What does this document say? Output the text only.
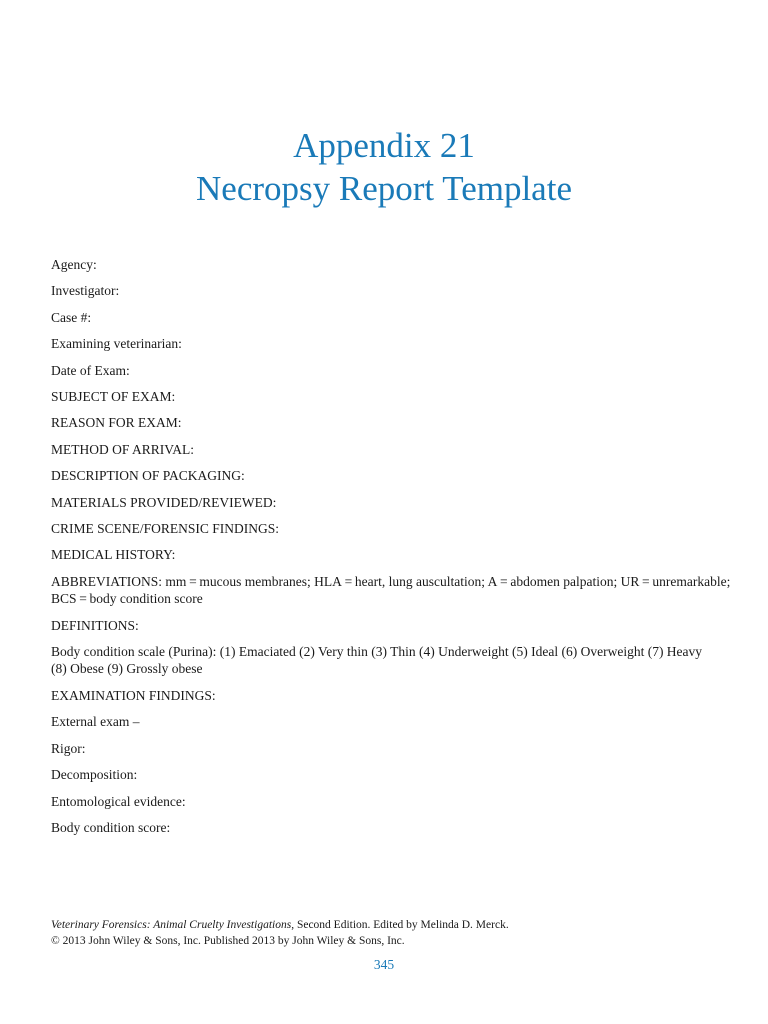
Appendix 21
Necropsy Report Template
Agency:
Investigator:
Case #:
Examining veterinarian:
Date of Exam:
SUBJECT OF EXAM:
REASON FOR EXAM:
METHOD OF ARRIVAL:
DESCRIPTION OF PACKAGING:
MATERIALS PROVIDED/REVIEWED:
CRIME SCENE/FORENSIC FINDINGS:
MEDICAL HISTORY:
ABBREVIATIONS: mm = mucous membranes; HLA = heart, lung auscultation; A = abdomen palpation; UR = unremarkable;
BCS = body condition score
DEFINITIONS:
Body condition scale (Purina): (1) Emaciated (2) Very thin (3) Thin (4) Underweight (5) Ideal (6) Overweight (7) Heavy
(8) Obese (9) Grossly obese
EXAMINATION FINDINGS:
External exam –
Rigor:
Decomposition:
Entomological evidence:
Body condition score:
Veterinary Forensics: Animal Cruelty Investigations, Second Edition. Edited by Melinda D. Merck.
© 2013 John Wiley & Sons, Inc. Published 2013 by John Wiley & Sons, Inc.
345
